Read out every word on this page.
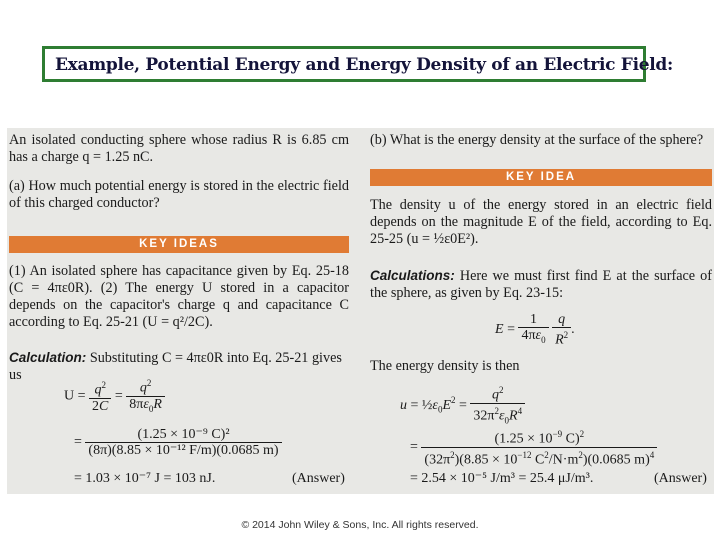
Example, Potential Energy and Energy Density of an Electric Field:
An isolated conducting sphere whose radius R is 6.85 cm has a charge q = 1.25 nC.
(a) How much potential energy is stored in the electric field of this charged conductor?
KEY IDEAS
(1) An isolated sphere has capacitance given by Eq. 25-18 (C = 4πε0R). (2) The energy U stored in a capacitor depends on the capacitor's charge q and capacitance C according to Eq. 25-21 (U = q²/2C).
Calculation: Substituting C = 4πε0R into Eq. 25-21 gives us
$U = \frac{q^2}{2C} = \frac{q^2}{8\pi\varepsilon_0R}$
= $\frac{\text{(1.25 × 10⁻⁹ C)²}}{\text{(8π)(8.85 × 10⁻¹² F/m)(0.0685 m)}}$
= 1.03 × 10⁻⁷ J = 103 nJ.	(Answer)
(b) What is the energy density at the surface of the sphere?
KEY IDEA
The density u of the energy stored in an electric field depends on the magnitude E of the field, according to Eq. 25-25 (u = ½ε0E²).
Calculations: Here we must first find E at the surface of the sphere, as given by Eq. 23-15:
$E = \frac{1}{4\pi\varepsilon_0}$
$\frac{q}{R^2}$ .
The energy density is then
$u = \frac{1}{2}\varepsilon_0E^2 = \frac{q^2}{32\pi^2\varepsilon_0R^4}$
= $\frac{(1.25 \times 10^{-9} C)^2}{(32\pi^2)(8.85 \times 10^{-12} C^2/N\cdot m^2)(0.0685 m)^4}$
= 2.54 × 10⁻⁵ J/m³ = 25.4 μJ/m³.	(Answer)
© 2014 John Wiley & Sons, Inc. All rights reserved.
